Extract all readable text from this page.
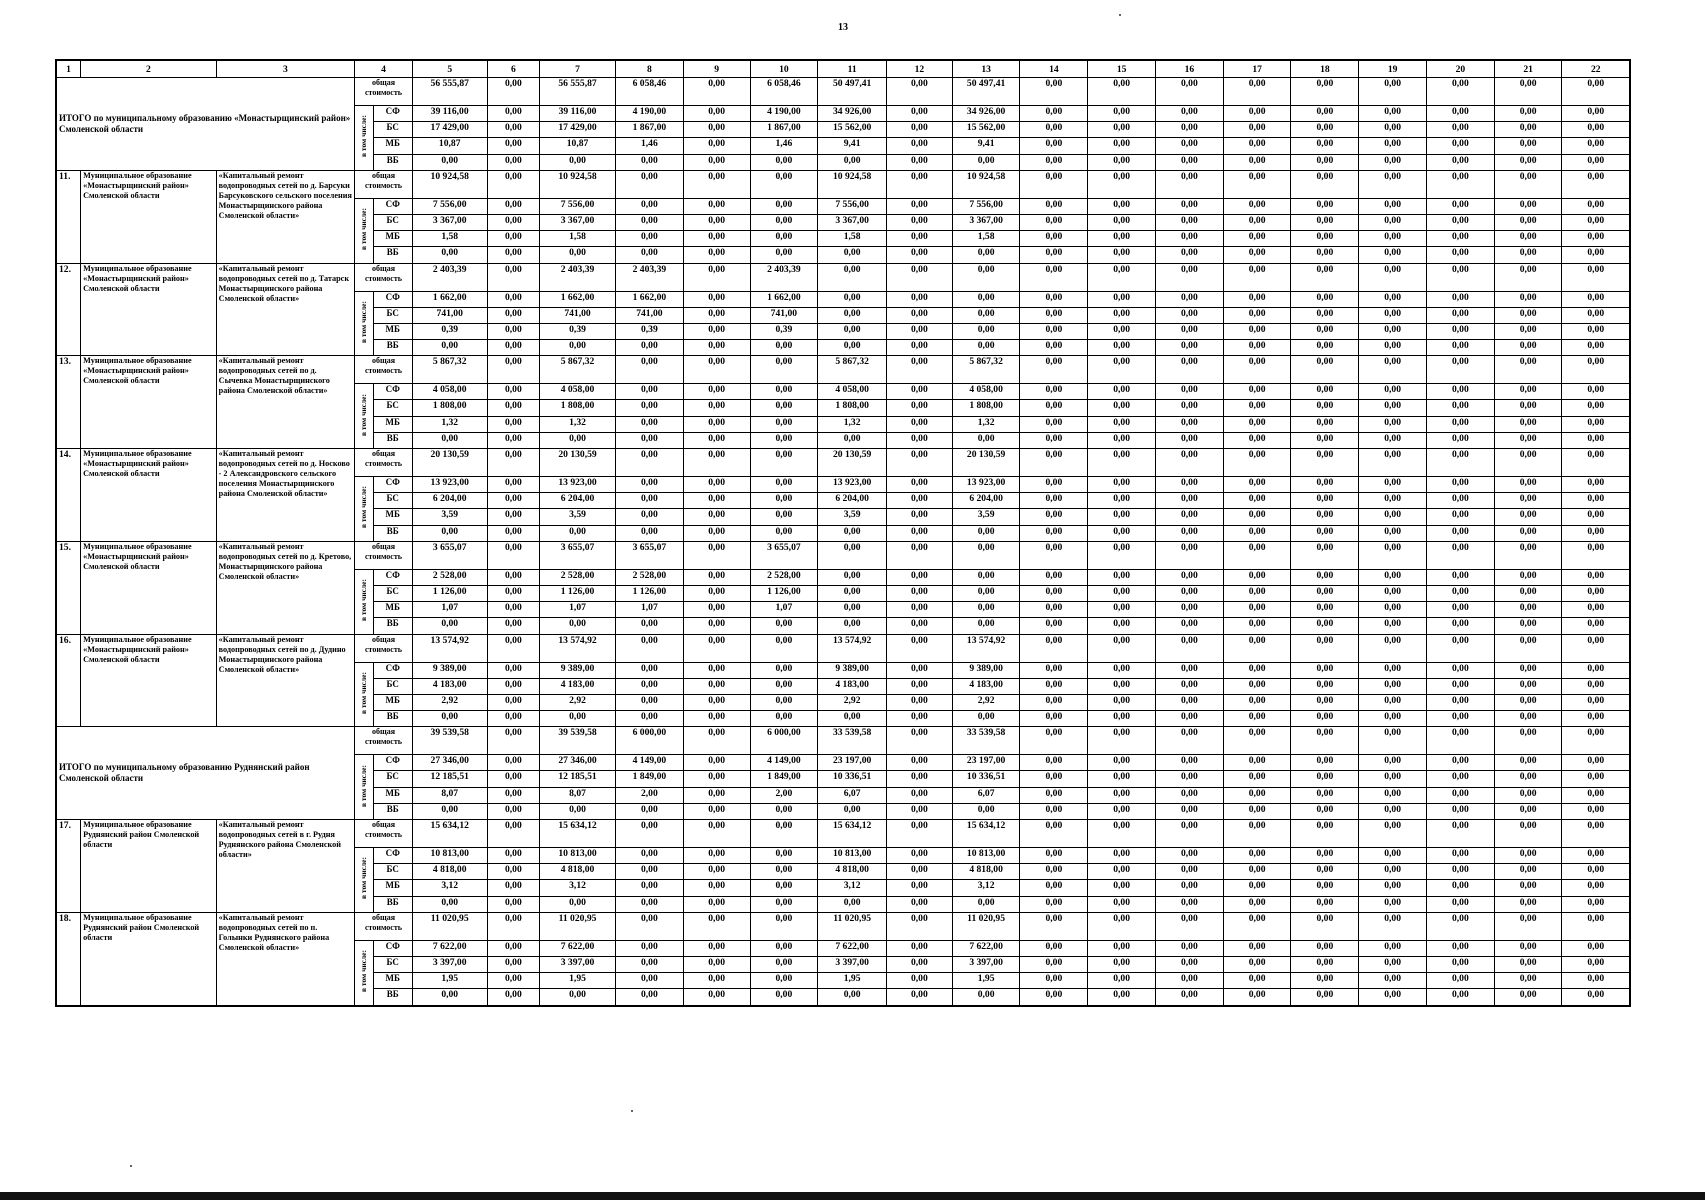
13
1	2	3	4		5	6	7	8	9	10	11	12	13	14	15	16	17	18	19	20	21	22
ИТОГО по муниципальному образованию «Монастырщинский район» Смоленской области			общая стоимость		56 555,87	0,00	56 555,87	6 058,46	0,00	6 058,46	50 497,41	0,00	50 497,41	0,00	0,00	0,00	0,00	0,00	0,00	0,00	0,00	0,00
			в том числе:	СФ	39 116,00	0,00	39 116,00	4 190,00	0,00	4 190,00	34 926,00	0,00	34 926,00	0,00	0,00	0,00	0,00	0,00	0,00	0,00	0,00	0,00
				БС	17 429,00	0,00	17 429,00	1 867,00	0,00	1 867,00	15 562,00	0,00	15 562,00	0,00	0,00	0,00	0,00	0,00	0,00	0,00	0,00	0,00
				МБ	10,87	0,00	10,87	1,46	0,00	1,46	9,41	0,00	9,41	0,00	0,00	0,00	0,00	0,00	0,00	0,00	0,00	0,00
				ВБ	0,00	0,00	0,00	0,00	0,00	0,00	0,00	0,00	0,00	0,00	0,00	0,00	0,00	0,00	0,00	0,00	0,00	0,00
11.	Муниципальное образование «Монастырщинский район» Смоленской области	«Капитальный ремонт водопроводных сетей по д. Барсуки Барсуковского сельского поселения Монастырщинского района Смоленской области»	общая стоимость		10 924,58	0,00	10 924,58	0,00	0,00	0,00	10 924,58	0,00	10 924,58	0,00	0,00	0,00	0,00	0,00	0,00	0,00	0,00	0,00
			в том числе:	СФ	7 556,00	0,00	7 556,00	0,00	0,00	0,00	7 556,00	0,00	7 556,00	0,00	0,00	0,00	0,00	0,00	0,00	0,00	0,00	0,00
				БС	3 367,00	0,00	3 367,00	0,00	0,00	0,00	3 367,00	0,00	3 367,00	0,00	0,00	0,00	0,00	0,00	0,00	0,00	0,00	0,00
				МБ	1,58	0,00	1,58	0,00	0,00	0,00	1,58	0,00	1,58	0,00	0,00	0,00	0,00	0,00	0,00	0,00	0,00	0,00
				ВБ	0,00	0,00	0,00	0,00	0,00	0,00	0,00	0,00	0,00	0,00	0,00	0,00	0,00	0,00	0,00	0,00	0,00	0,00
12.	Муниципальное образование «Монастырщинский район» Смоленской области	«Капитальный ремонт водопроводных сетей по д. Татарск Монастырщинского района Смоленской области»	общая стоимость		2 403,39	0,00	2 403,39	2 403,39	0,00	2 403,39	0,00	0,00	0,00	0,00	0,00	0,00	0,00	0,00	0,00	0,00	0,00	0,00
			в том числе:	СФ	1 662,00	0,00	1 662,00	1 662,00	0,00	1 662,00	0,00	0,00	0,00	0,00	0,00	0,00	0,00	0,00	0,00	0,00	0,00	0,00
				БС	741,00	0,00	741,00	741,00	0,00	741,00	0,00	0,00	0,00	0,00	0,00	0,00	0,00	0,00	0,00	0,00	0,00	0,00
				МБ	0,39	0,00	0,39	0,39	0,00	0,39	0,00	0,00	0,00	0,00	0,00	0,00	0,00	0,00	0,00	0,00	0,00	0,00
				ВБ	0,00	0,00	0,00	0,00	0,00	0,00	0,00	0,00	0,00	0,00	0,00	0,00	0,00	0,00	0,00	0,00	0,00	0,00
13.	Муниципальное образование «Монастырщинский район» Смоленской области	«Капитальный ремонт водопроводных сетей по д. Сычевка Монастырщинского района Смоленской области»	общая стоимость		5 867,32	0,00	5 867,32	0,00	0,00	0,00	5 867,32	0,00	5 867,32	0,00	0,00	0,00	0,00	0,00	0,00	0,00	0,00	0,00
			в том числе:	СФ	4 058,00	0,00	4 058,00	0,00	0,00	0,00	4 058,00	0,00	4 058,00	0,00	0,00	0,00	0,00	0,00	0,00	0,00	0,00	0,00
				БС	1 808,00	0,00	1 808,00	0,00	0,00	0,00	1 808,00	0,00	1 808,00	0,00	0,00	0,00	0,00	0,00	0,00	0,00	0,00	0,00
				МБ	1,32	0,00	1,32	0,00	0,00	0,00	1,32	0,00	1,32	0,00	0,00	0,00	0,00	0,00	0,00	0,00	0,00	0,00
				ВБ	0,00	0,00	0,00	0,00	0,00	0,00	0,00	0,00	0,00	0,00	0,00	0,00	0,00	0,00	0,00	0,00	0,00	0,00
14.	Муниципальное образование «Монастырщинский район» Смоленской области	«Капитальный ремонт водопроводных сетей по д. Носково - 2 Александровского сельского поселения Монастырщинского района Смоленской области»	общая стоимость		20 130,59	0,00	20 130,59	0,00	0,00	0,00	20 130,59	0,00	20 130,59	0,00	0,00	0,00	0,00	0,00	0,00	0,00	0,00	0,00
			в том числе:	СФ	13 923,00	0,00	13 923,00	0,00	0,00	0,00	13 923,00	0,00	13 923,00	0,00	0,00	0,00	0,00	0,00	0,00	0,00	0,00	0,00
				БС	6 204,00	0,00	6 204,00	0,00	0,00	0,00	6 204,00	0,00	6 204,00	0,00	0,00	0,00	0,00	0,00	0,00	0,00	0,00	0,00
				МБ	3,59	0,00	3,59	0,00	0,00	0,00	3,59	0,00	3,59	0,00	0,00	0,00	0,00	0,00	0,00	0,00	0,00	0,00
				ВБ	0,00	0,00	0,00	0,00	0,00	0,00	0,00	0,00	0,00	0,00	0,00	0,00	0,00	0,00	0,00	0,00	0,00	0,00
15.	Муниципальное образование «Монастырщинский район» Смоленской области	«Капитальный ремонт водопроводных сетей по д. Кретово, Монастырщинского района Смоленской области»	общая стоимость		3 655,07	0,00	3 655,07	3 655,07	0,00	3 655,07	0,00	0,00	0,00	0,00	0,00	0,00	0,00	0,00	0,00	0,00	0,00	0,00
			в том числе:	СФ	2 528,00	0,00	2 528,00	2 528,00	0,00	2 528,00	0,00	0,00	0,00	0,00	0,00	0,00	0,00	0,00	0,00	0,00	0,00	0,00
				БС	1 126,00	0,00	1 126,00	1 126,00	0,00	1 126,00	0,00	0,00	0,00	0,00	0,00	0,00	0,00	0,00	0,00	0,00	0,00	0,00
				МБ	1,07	0,00	1,07	1,07	0,00	1,07	0,00	0,00	0,00	0,00	0,00	0,00	0,00	0,00	0,00	0,00	0,00	0,00
				ВБ	0,00	0,00	0,00	0,00	0,00	0,00	0,00	0,00	0,00	0,00	0,00	0,00	0,00	0,00	0,00	0,00	0,00	0,00
16.	Муниципальное образование «Монастырщинский район» Смоленской области	«Капитальный ремонт водопроводных сетей по д. Дудино Монастырщинского района Смоленской области»	общая стоимость		13 574,92	0,00	13 574,92	0,00	0,00	0,00	13 574,92	0,00	13 574,92	0,00	0,00	0,00	0,00	0,00	0,00	0,00	0,00	0,00
			в том числе:	СФ	9 389,00	0,00	9 389,00	0,00	0,00	0,00	9 389,00	0,00	9 389,00	0,00	0,00	0,00	0,00	0,00	0,00	0,00	0,00	0,00
				БС	4 183,00	0,00	4 183,00	0,00	0,00	0,00	4 183,00	0,00	4 183,00	0,00	0,00	0,00	0,00	0,00	0,00	0,00	0,00	0,00
				МБ	2,92	0,00	2,92	0,00	0,00	0,00	2,92	0,00	2,92	0,00	0,00	0,00	0,00	0,00	0,00	0,00	0,00	0,00
				ВБ	0,00	0,00	0,00	0,00	0,00	0,00	0,00	0,00	0,00	0,00	0,00	0,00	0,00	0,00	0,00	0,00	0,00	0,00
ИТОГО по муниципальному образованию Руднянский район Смоленской области			общая стоимость		39 539,58	0,00	39 539,58	6 000,00	0,00	6 000,00	33 539,58	0,00	33 539,58	0,00	0,00	0,00	0,00	0,00	0,00	0,00	0,00	0,00
			в том числе:	СФ	27 346,00	0,00	27 346,00	4 149,00	0,00	4 149,00	23 197,00	0,00	23 197,00	0,00	0,00	0,00	0,00	0,00	0,00	0,00	0,00	0,00
				БС	12 185,51	0,00	12 185,51	1 849,00	0,00	1 849,00	10 336,51	0,00	10 336,51	0,00	0,00	0,00	0,00	0,00	0,00	0,00	0,00	0,00
				МБ	8,07	0,00	8,07	2,00	0,00	2,00	6,07	0,00	6,07	0,00	0,00	0,00	0,00	0,00	0,00	0,00	0,00	0,00
				ВБ	0,00	0,00	0,00	0,00	0,00	0,00	0,00	0,00	0,00	0,00	0,00	0,00	0,00	0,00	0,00	0,00	0,00	0,00
17.	Муниципальное образование Руднянский район Смоленской области	«Капитальный ремонт водопроводных сетей в г. Рудня Руднянского района Смоленской области»	общая стоимость		15 634,12	0,00	15 634,12	0,00	0,00	0,00	15 634,12	0,00	15 634,12	0,00	0,00	0,00	0,00	0,00	0,00	0,00	0,00	0,00
			в том числе:	СФ	10 813,00	0,00	10 813,00	0,00	0,00	0,00	10 813,00	0,00	10 813,00	0,00	0,00	0,00	0,00	0,00	0,00	0,00	0,00	0,00
				БС	4 818,00	0,00	4 818,00	0,00	0,00	0,00	4 818,00	0,00	4 818,00	0,00	0,00	0,00	0,00	0,00	0,00	0,00	0,00	0,00
				МБ	3,12	0,00	3,12	0,00	0,00	0,00	3,12	0,00	3,12	0,00	0,00	0,00	0,00	0,00	0,00	0,00	0,00	0,00
				ВБ	0,00	0,00	0,00	0,00	0,00	0,00	0,00	0,00	0,00	0,00	0,00	0,00	0,00	0,00	0,00	0,00	0,00	0,00
18.	Муниципальное образование Руднянский район Смоленской области	«Капитальный ремонт водопроводных сетей по п. Голынки Руднянского района Смоленской области»	общая стоимость		11 020,95	0,00	11 020,95	0,00	0,00	0,00	11 020,95	0,00	11 020,95	0,00	0,00	0,00	0,00	0,00	0,00	0,00	0,00	0,00
			в том числе:	СФ	7 622,00	0,00	7 622,00	0,00	0,00	0,00	7 622,00	0,00	7 622,00	0,00	0,00	0,00	0,00	0,00	0,00	0,00	0,00	0,00
				БС	3 397,00	0,00	3 397,00	0,00	0,00	0,00	3 397,00	0,00	3 397,00	0,00	0,00	0,00	0,00	0,00	0,00	0,00	0,00	0,00
				МБ	1,95	0,00	1,95	0,00	0,00	0,00	1,95	0,00	1,95	0,00	0,00	0,00	0,00	0,00	0,00	0,00	0,00	0,00
				ВБ	0,00	0,00	0,00	0,00	0,00	0,00	0,00	0,00	0,00	0,00	0,00	0,00	0,00	0,00	0,00	0,00	0,00	0,00
